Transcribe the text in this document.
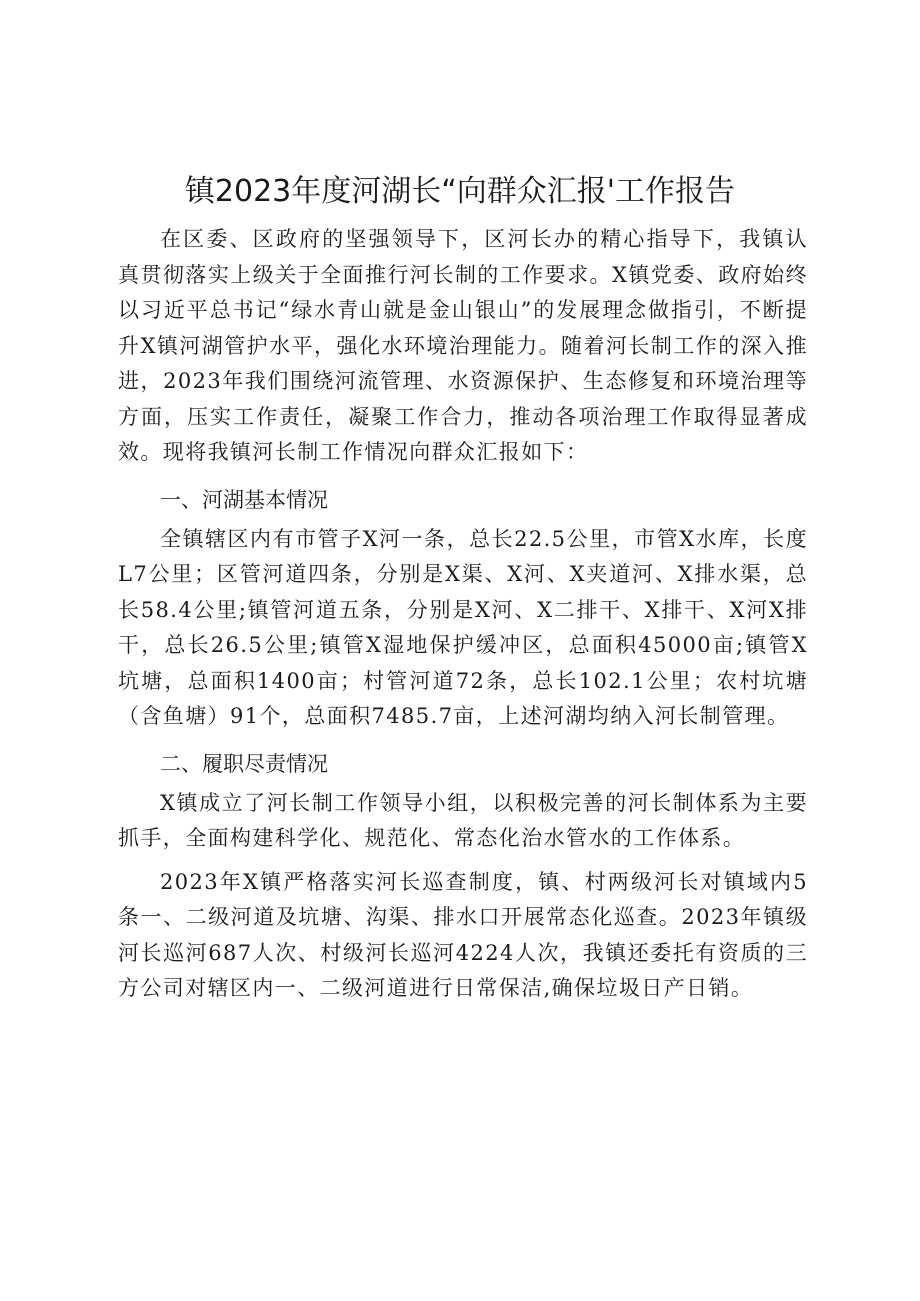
镇2023年度河湖长“向群众汇报'工作报告

在区委、区政府的坚强领导下，区河长办的精心指导下，我镇认真贯彻落实上级关于全面推行河长制的工作要求。X镇党委、政府始终以习近平总书记“绿水青山就是金山银山”的发展理念做指引，不断提升X镇河湖管护水平，强化水环境治理能力。随着河长制工作的深入推进，2023年我们围绕河流管理、水资源保护、生态修复和环境治理等方面，压实工作责任，凝聚工作合力，推动各项治理工作取得显著成效。现将我镇河长制工作情况向群众汇报如下：

一、河湖基本情况

全镇辖区内有市管子X河一条，总长22.5公里，市管X水库，长度L7公里；区管河道四条，分别是X渠、X河、X夹道河、X排水渠，总长58.4公里;镇管河道五条，分别是X河、X二排干、X排干、X河X排干，总长26.5公里;镇管X湿地保护缓冲区，总面积45000亩;镇管X坑塘，总面积1400亩；村管河道72条，总长102.1公里；农村坑塘（含鱼塘）91个，总面积7485.7亩，上述河湖均纳入河长制管理。

二、履职尽责情况

X镇成立了河长制工作领导小组，以积极完善的河长制体系为主要抓手，全面构建科学化、规范化、常态化治水管水的工作体系。

2023年X镇严格落实河长巡查制度，镇、村两级河长对镇域内5条一、二级河道及坑塘、沟渠、排水口开展常态化巡查。2023年镇级河长巡河687人次、村级河长巡河4224人次，我镇还委托有资质的三方公司对辖区内一、二级河道进行日常保洁,确保垃圾日产日销。
